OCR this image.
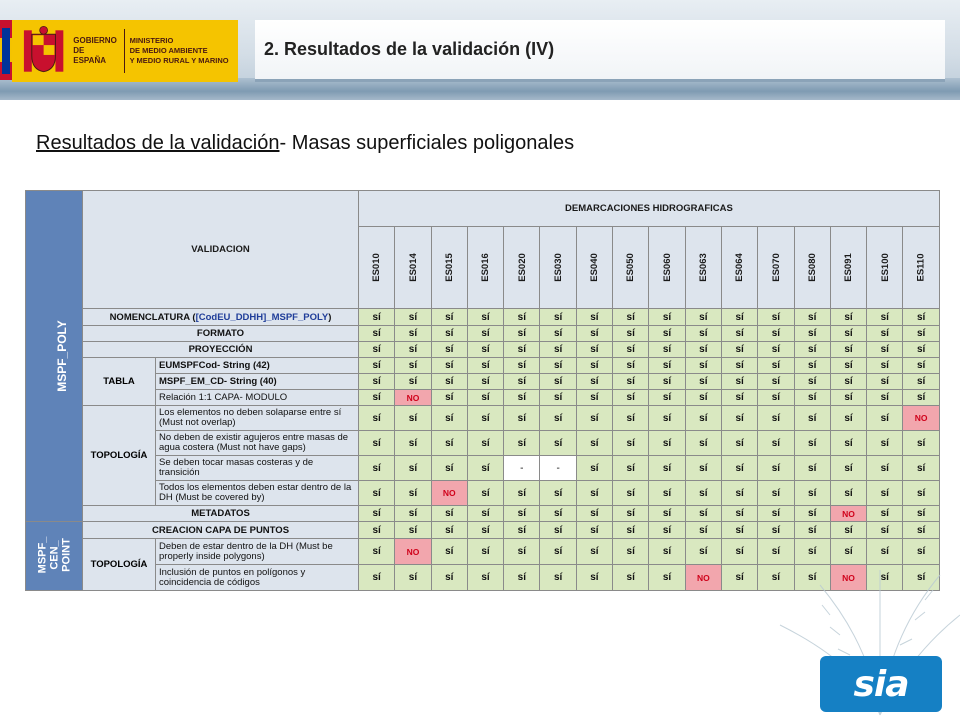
GOBIERNO
DE ESPAÑA
MINISTERIO
DE MEDIO AMBIENTE
Y MEDIO RURAL Y MARINO
2. Resultados de la validación (IV)
Resultados de la validación- Masas superficiales poligonales
MSPF_POLY	VALIDACION		DEMARCACIONES HIDROGRAFICAS															
			ES010	ES014	ES015	ES016	ES020	ES030	ES040	ES050	ES060	ES063	ES064	ES070	ES080	ES091	ES100	ES110
	NOMENCLATURA ([CodEU_DDHH]_MSPF_POLY)		sí	sí	sí	sí	sí	sí	sí	sí	sí	sí	sí	sí	sí	sí	sí	sí
	FORMATO		sí	sí	sí	sí	sí	sí	sí	sí	sí	sí	sí	sí	sí	sí	sí	sí
	PROYECCIÓN		sí	sí	sí	sí	sí	sí	sí	sí	sí	sí	sí	sí	sí	sí	sí	sí
	TABLA	EUMSPFCod- String (42)	sí	sí	sí	sí	sí	sí	sí	sí	sí	sí	sí	sí	sí	sí	sí	sí
		MSPF_EM_CD- String (40)	sí	sí	sí	sí	sí	sí	sí	sí	sí	sí	sí	sí	sí	sí	sí	sí
		Relación 1:1 CAPA- MODULO	sí	NO	sí	sí	sí	sí	sí	sí	sí	sí	sí	sí	sí	sí	sí	sí
	TOPOLOGÍA	Los elementos no deben solaparse entre sí (Must not overlap)	sí	sí	sí	sí	sí	sí	sí	sí	sí	sí	sí	sí	sí	sí	sí	NO
		No deben de existir agujeros entre masas de agua costera (Must not have gaps)	sí	sí	sí	sí	sí	sí	sí	sí	sí	sí	sí	sí	sí	sí	sí	sí
		Se deben tocar masas costeras y de transición	sí	sí	sí	sí	-	-	sí	sí	sí	sí	sí	sí	sí	sí	sí	sí
		Todos los elementos deben estar dentro de la DH (Must be covered by)	sí	sí	NO	sí	sí	sí	sí	sí	sí	sí	sí	sí	sí	sí	sí	sí
	METADATOS		sí	sí	sí	sí	sí	sí	sí	sí	sí	sí	sí	sí	sí	NO	sí	sí
MSPF_
CEN_
POINT	CREACION CAPA DE PUNTOS		sí	sí	sí	sí	sí	sí	sí	sí	sí	sí	sí	sí	sí	sí	sí	sí
	TOPOLOGÍA	Deben de estar dentro de la DH (Must be properly inside polygons)	sí	NO	sí	sí	sí	sí	sí	sí	sí	sí	sí	sí	sí	sí	sí	sí
		Inclusión de puntos en polígonos y coincidencia de códigos	sí	sí	sí	sí	sí	sí	sí	sí	sí	NO	sí	sí	sí	NO	sí	sí
sia
